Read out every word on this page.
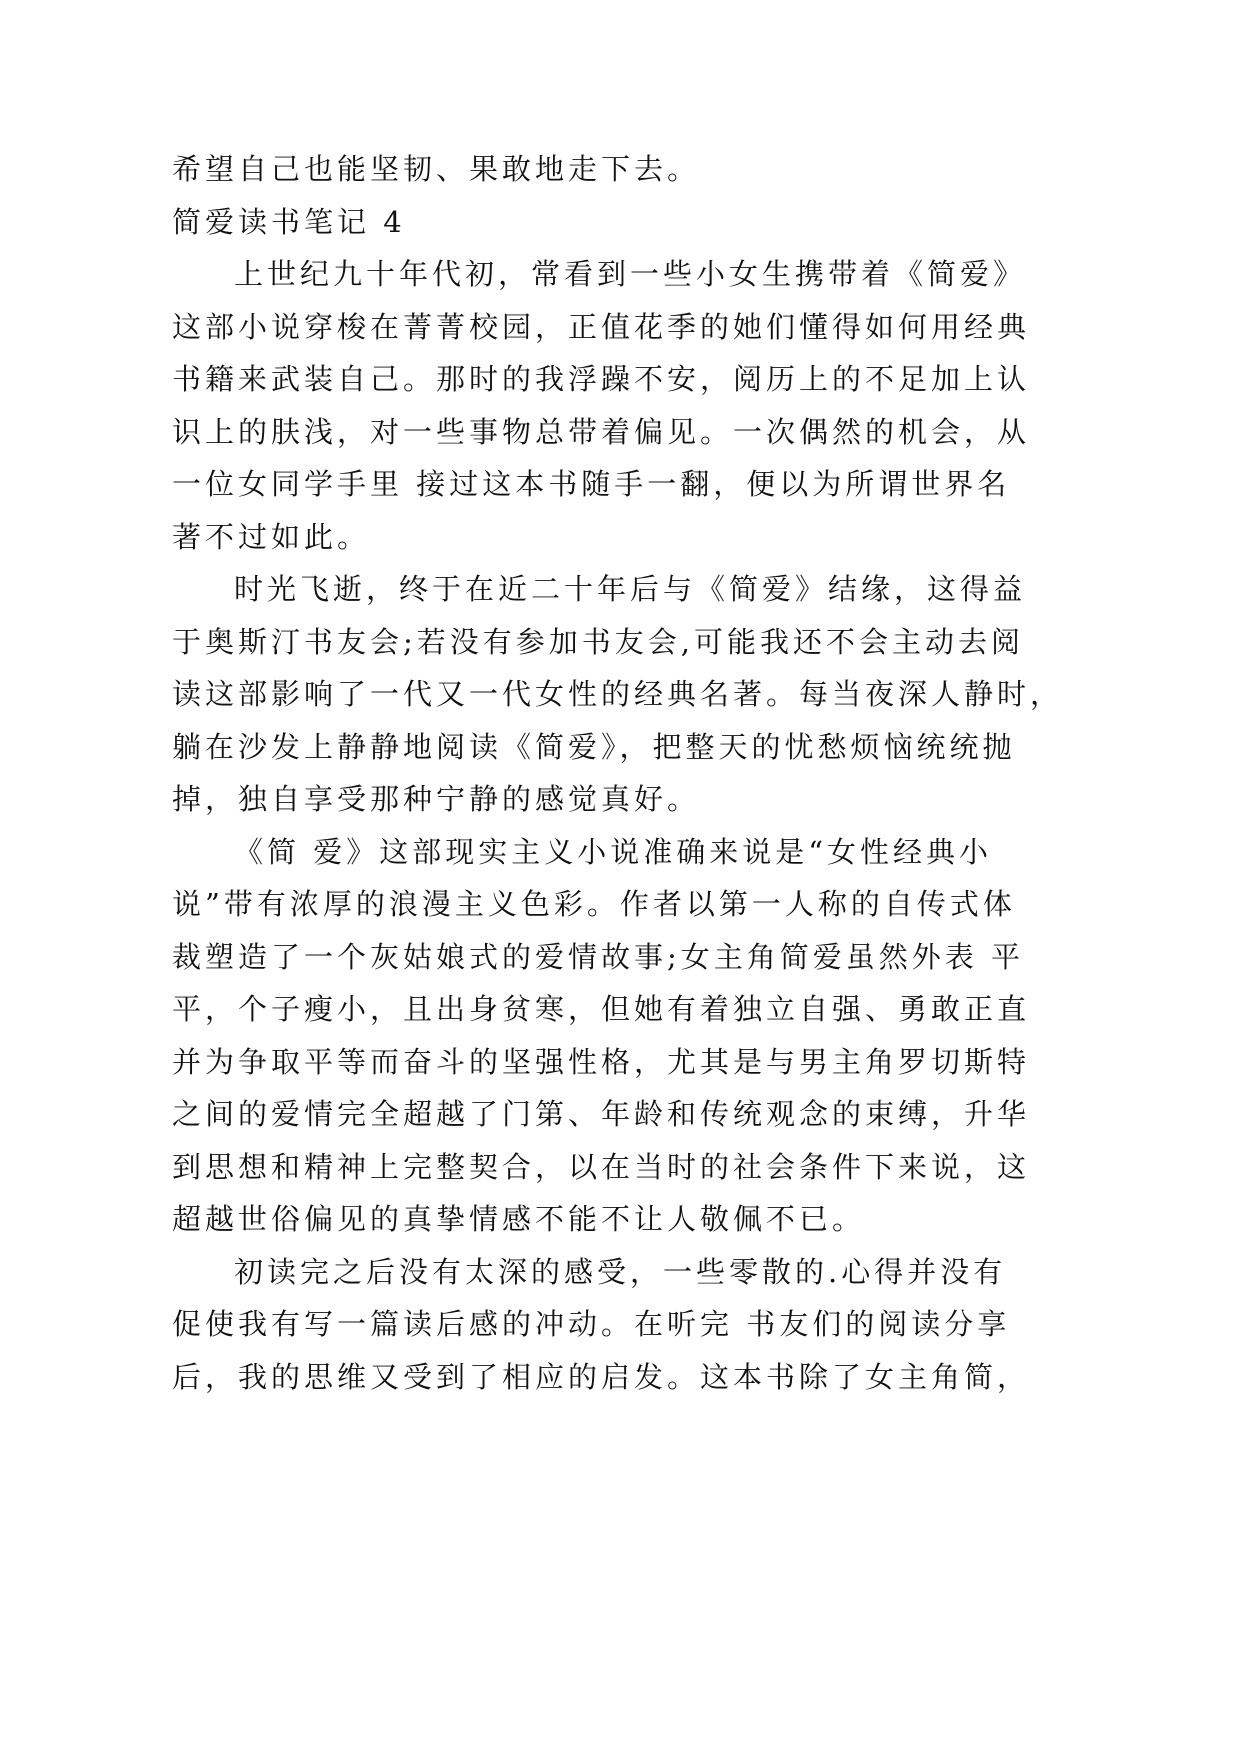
希望自己也能坚韧、果敢地走下去。
简爱读书笔记 4
上世纪九十年代初，常看到一些小女生携带着《简爱》
这部小说穿梭在菁菁校园，正值花季的她们懂得如何用经典
书籍来武装自己。那时的我浮躁不安，阅历上的不足加上认
识上的肤浅，对一些事物总带着偏见。一次偶然的机会，从
一位女同学手里 接过这本书随手一翻，便以为所谓世界名
著不过如此。
时光飞逝，终于在近二十年后与《简爱》结缘，这得益
于奥斯汀书友会;若没有参加书友会,可能我还不会主动去阅
读这部影响了一代又一代女性的经典名著。每当夜深人静时，
躺在沙发上静静地阅读《简爱》，把整天的忧愁烦恼统统抛
掉，独自享受那种宁静的感觉真好。
《简 爱》这部现实主义小说准确来说是“女性经典小
说”带有浓厚的浪漫主义色彩。作者以第一人称的自传式体
裁塑造了一个灰姑娘式的爱情故事;女主角简爱虽然外表 平
平，个子瘦小，且出身贫寒，但她有着独立自强、勇敢正直
并为争取平等而奋斗的坚强性格，尤其是与男主角罗切斯特
之间的爱情完全超越了门第、年龄和传统观念的束缚，升华
到思想和精神上完整契合，以在当时的社会条件下来说，这
超越世俗偏见的真挚情感不能不让人敬佩不已。
初读完之后没有太深的感受，一些零散的.心得并没有
促使我有写一篇读后感的冲动。在听完 书友们的阅读分享
后，我的思维又受到了相应的启发。这本书除了女主角简，
